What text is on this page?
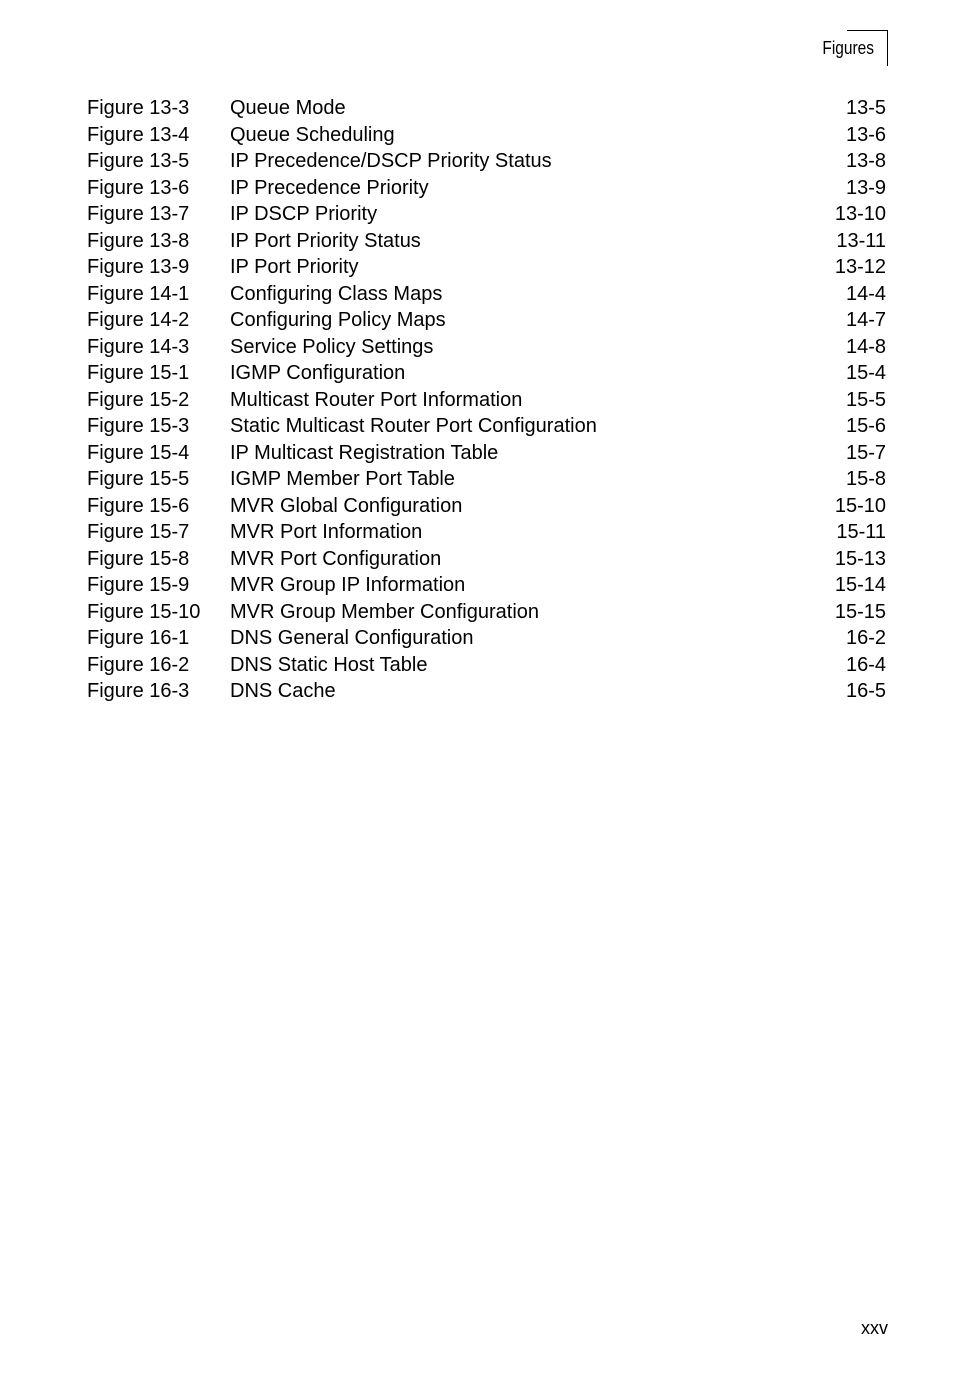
Figures
Figure 13-3 Queue Mode	13-5
Figure 13-4 Queue Scheduling	13-6
Figure 13-5 IP Precedence/DSCP Priority Status	13-8
Figure 13-6 IP Precedence Priority	13-9
Figure 13-7 IP DSCP Priority	13-10
Figure 13-8 IP Port Priority Status	13-11
Figure 13-9 IP Port Priority	13-12
Figure 14-1 Configuring Class Maps	14-4
Figure 14-2 Configuring Policy Maps	14-7
Figure 14-3 Service Policy Settings	14-8
Figure 15-1 IGMP Configuration	15-4
Figure 15-2 Multicast Router Port Information	15-5
Figure 15-3 Static Multicast Router Port Configuration	15-6
Figure 15-4 IP Multicast Registration Table	15-7
Figure 15-5 IGMP Member Port Table	15-8
Figure 15-6 MVR Global Configuration	15-10
Figure 15-7 MVR Port Information	15-11
Figure 15-8 MVR Port Configuration	15-13
Figure 15-9 MVR Group IP Information	15-14
Figure 15-10 MVR Group Member Configuration	15-15
Figure 16-1 DNS General Configuration	16-2
Figure 16-2 DNS Static Host Table	16-4
Figure 16-3 DNS Cache	16-5
xxv
